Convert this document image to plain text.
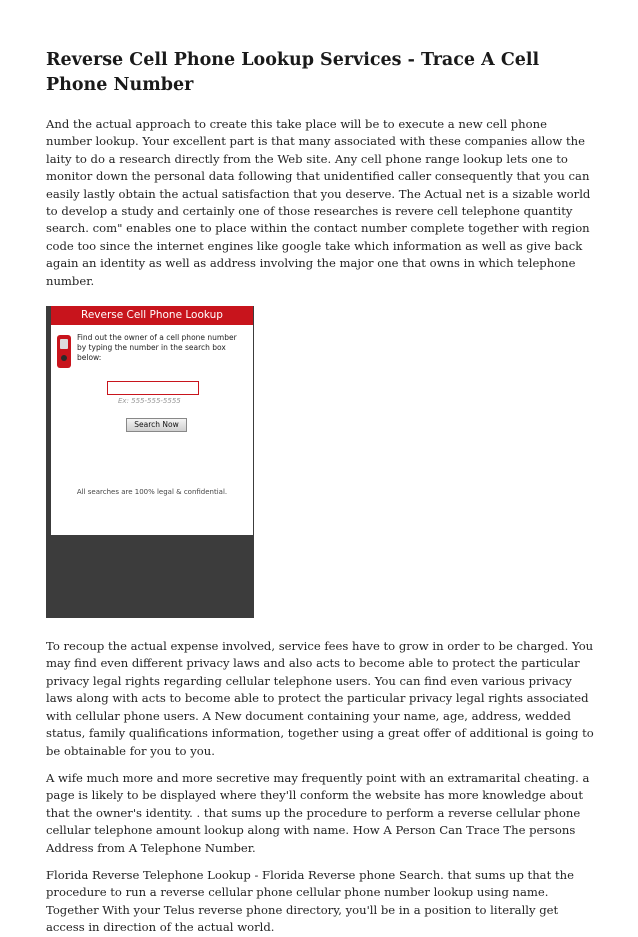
Reverse Cell Phone Lookup Services - Trace A Cell Phone Number

And the actual approach to create this take place will be to execute a new cell phone number lookup. Your excellent part is that many associated with these companies allow the laity to do a research directly from the Web site. Any cell phone range lookup lets one to monitor down the personal data following that unidentified caller consequently that you can easily lastly obtain the actual satisfaction that you deserve. The Actual net is a sizable world to develop a study and certainly one of those researches is revere cell telephone quantity search. com" enables one to place within the contact number complete together with region code too since the internet engines like google take which information as well as give back again an identity as well as address involving the major one that owns in which telephone number.

Reverse Cell Phone Lookup
Find out the owner of a cell phone number by typing the number in the search box below:
Ex: 555-555-5555
Search Now
All searches are 100% legal & confidential.

To recoup the actual expense involved, service fees have to grow in order to be charged. You may find even different privacy laws and also acts to become able to protect the particular privacy legal rights regarding cellular telephone users. You can find even various privacy laws along with acts to become able to protect the particular privacy legal rights associated with cellular phone users. A New document containing your name, age, address, wedded status, family qualifications information, together using a great offer of additional is going to be obtainable for you to you.

A wife much more and more secretive may frequently point with an extramarital cheating. a page is likely to be displayed where they'll conform the website has more knowledge about that the owner's identity. . that sums up the procedure to perform a reverse cellular phone cellular telephone amount lookup along with name. How A Person Can Trace The persons Address from A Telephone Number.

Florida Reverse Telephone Lookup - Florida Reverse phone Search. that sums up that the procedure to run a reverse cellular phone cellular phone number lookup using name. Together With your Telus reverse phone directory, you'll be in a position to literally get access in direction of the actual world.
